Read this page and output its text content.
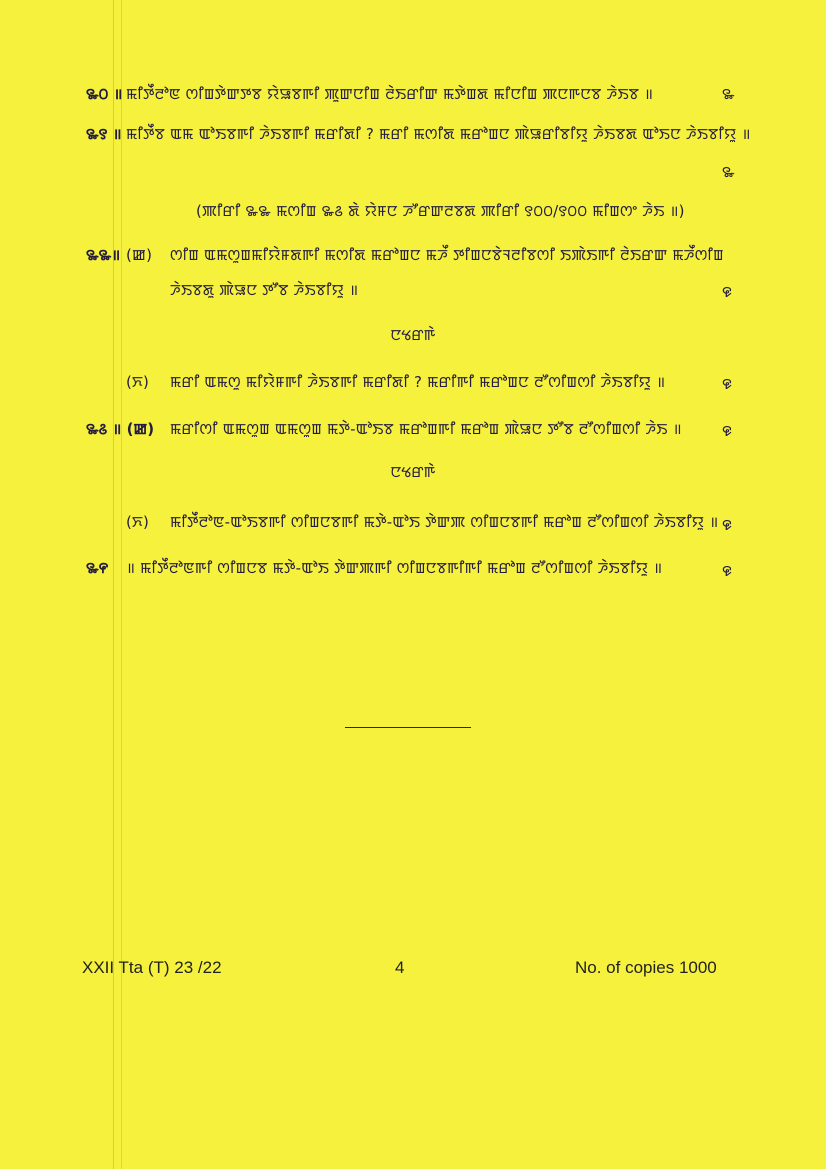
꯳꯰ ॥ ꯃꯤꯇꯩꯂꯣꯟ ꯁꯤꯡꯇꯥꯛꯇꯕ ꯌꯥꯎꯕꯒꯤ ꯄꯨꯛꯅꯤꯡ ꯂꯥꯏꯔꯤꯛ ꯃꯇꯥꯡꯗ ꯃꯤꯅꯤꯡ ꯄꯅꯒꯅꯕ ꯍꯥꯏꯕ ॥	꯳
꯳꯱ ॥ ꯃꯤꯇꯩꯕ ꯑꯃ ꯑꯣꯏꯕꯒꯤ ꯍꯥꯏꯕꯒꯤ ꯃꯔꯤꯗꯤ ? ꯃꯔꯤ ꯃꯁꯤꯗ ꯃꯔꯣꯡꯅ ꯄꯥꯎꯔꯤꯕꯤꯌꯨ ꯍꯥꯏꯕꯗ ꯑꯣꯏꯅ ꯍꯥꯏꯕꯤꯌꯨ ॥
꯳
(ꯄꯤꯔꯤ ꯳꯳ ꯃꯁꯤꯡ ꯳꯴ ꯗꯥ ꯌꯥꯝꯅ ꯍꯧꯔꯛꯂꯕꯗ ꯄꯤꯔꯤ ꯱꯰꯰/꯱꯰꯰ ꯃꯤꯡꯁꯦ ꯍꯥꯏ ॥)
꯳꯳॥ (ꯀ) ꯁꯤꯡ ꯑꯃꯁꯨꯡꯃꯤꯌꯥꯝꯗꯒꯤ ꯃꯁꯤꯗ ꯃꯔꯣꯡꯅ ꯃꯍꯩ ꯇꯤꯡꯅꯕꯥꯜꯂꯤꯕꯁꯤ ꯏꯄꯥꯏꯒꯤ ꯂꯥꯏꯔꯛ ꯃꯍꯩꯁꯤꯡ
ꯍꯥꯏꯕꯗꯨ ꯄꯥꯎꯅ ꯇꯧꯕ ꯍꯥꯏꯕꯤꯌꯨ ॥	꯶
ꯅꯠꯔꯒꯥ
(ꯈ) ꯃꯔꯤ ꯑꯃꯁꯨ ꯃꯤꯌꯥꯝꯒꯤ ꯍꯥꯏꯕꯒꯤ ꯃꯔꯤꯗꯤ ? ꯃꯔꯤꯒꯤ ꯃꯔꯣꯡꯅ ꯂꯧꯁꯤꯡꯁꯤ ꯍꯥꯏꯕꯤꯌꯨ ॥	꯶
꯳꯴ ॥ (ꯀ) ꯃꯔꯤꯁꯤ ꯑꯃꯁꯨꯡ ꯑꯃꯁꯨꯡ ꯃꯇꯥ-ꯑꯣꯏꯕ ꯃꯔꯣꯡꯒꯤ ꯃꯔꯣꯡ ꯄꯥꯎꯅ ꯇꯧꯕ ꯂꯧꯁꯤꯡꯁꯤ ꯍꯥꯏ ॥	꯶
ꯅꯠꯔꯒꯥ
(ꯈ) ꯃꯤꯇꯩꯂꯣꯟ-ꯑꯣꯏꯕꯒꯤ ꯁꯤꯡꯅꯕꯒꯤ ꯃꯇꯥ-ꯑꯣꯏ ꯇꯥꯛꯄ ꯁꯤꯡꯅꯕꯒꯤ ꯃꯔꯣꯡ ꯂꯧꯁꯤꯡꯁꯤ ꯍꯥꯏꯕꯤꯌꯨ ॥ ꯶
꯳꯵ ॥ ꯃꯤꯇꯩꯂꯣꯟꯒꯤ ꯁꯤꯡꯅꯕ ꯃꯇꯥ-ꯑꯣꯏ ꯇꯥꯛꯄꯒꯤ ꯁꯤꯡꯅꯕꯒꯤꯒꯤ ꯃꯔꯣꯡ ꯂꯧꯁꯤꯡꯁꯤ ꯍꯥꯏꯕꯤꯌꯨ ॥	꯶
XXII Tta (T) 23 /22	4	No. of copies 1000
